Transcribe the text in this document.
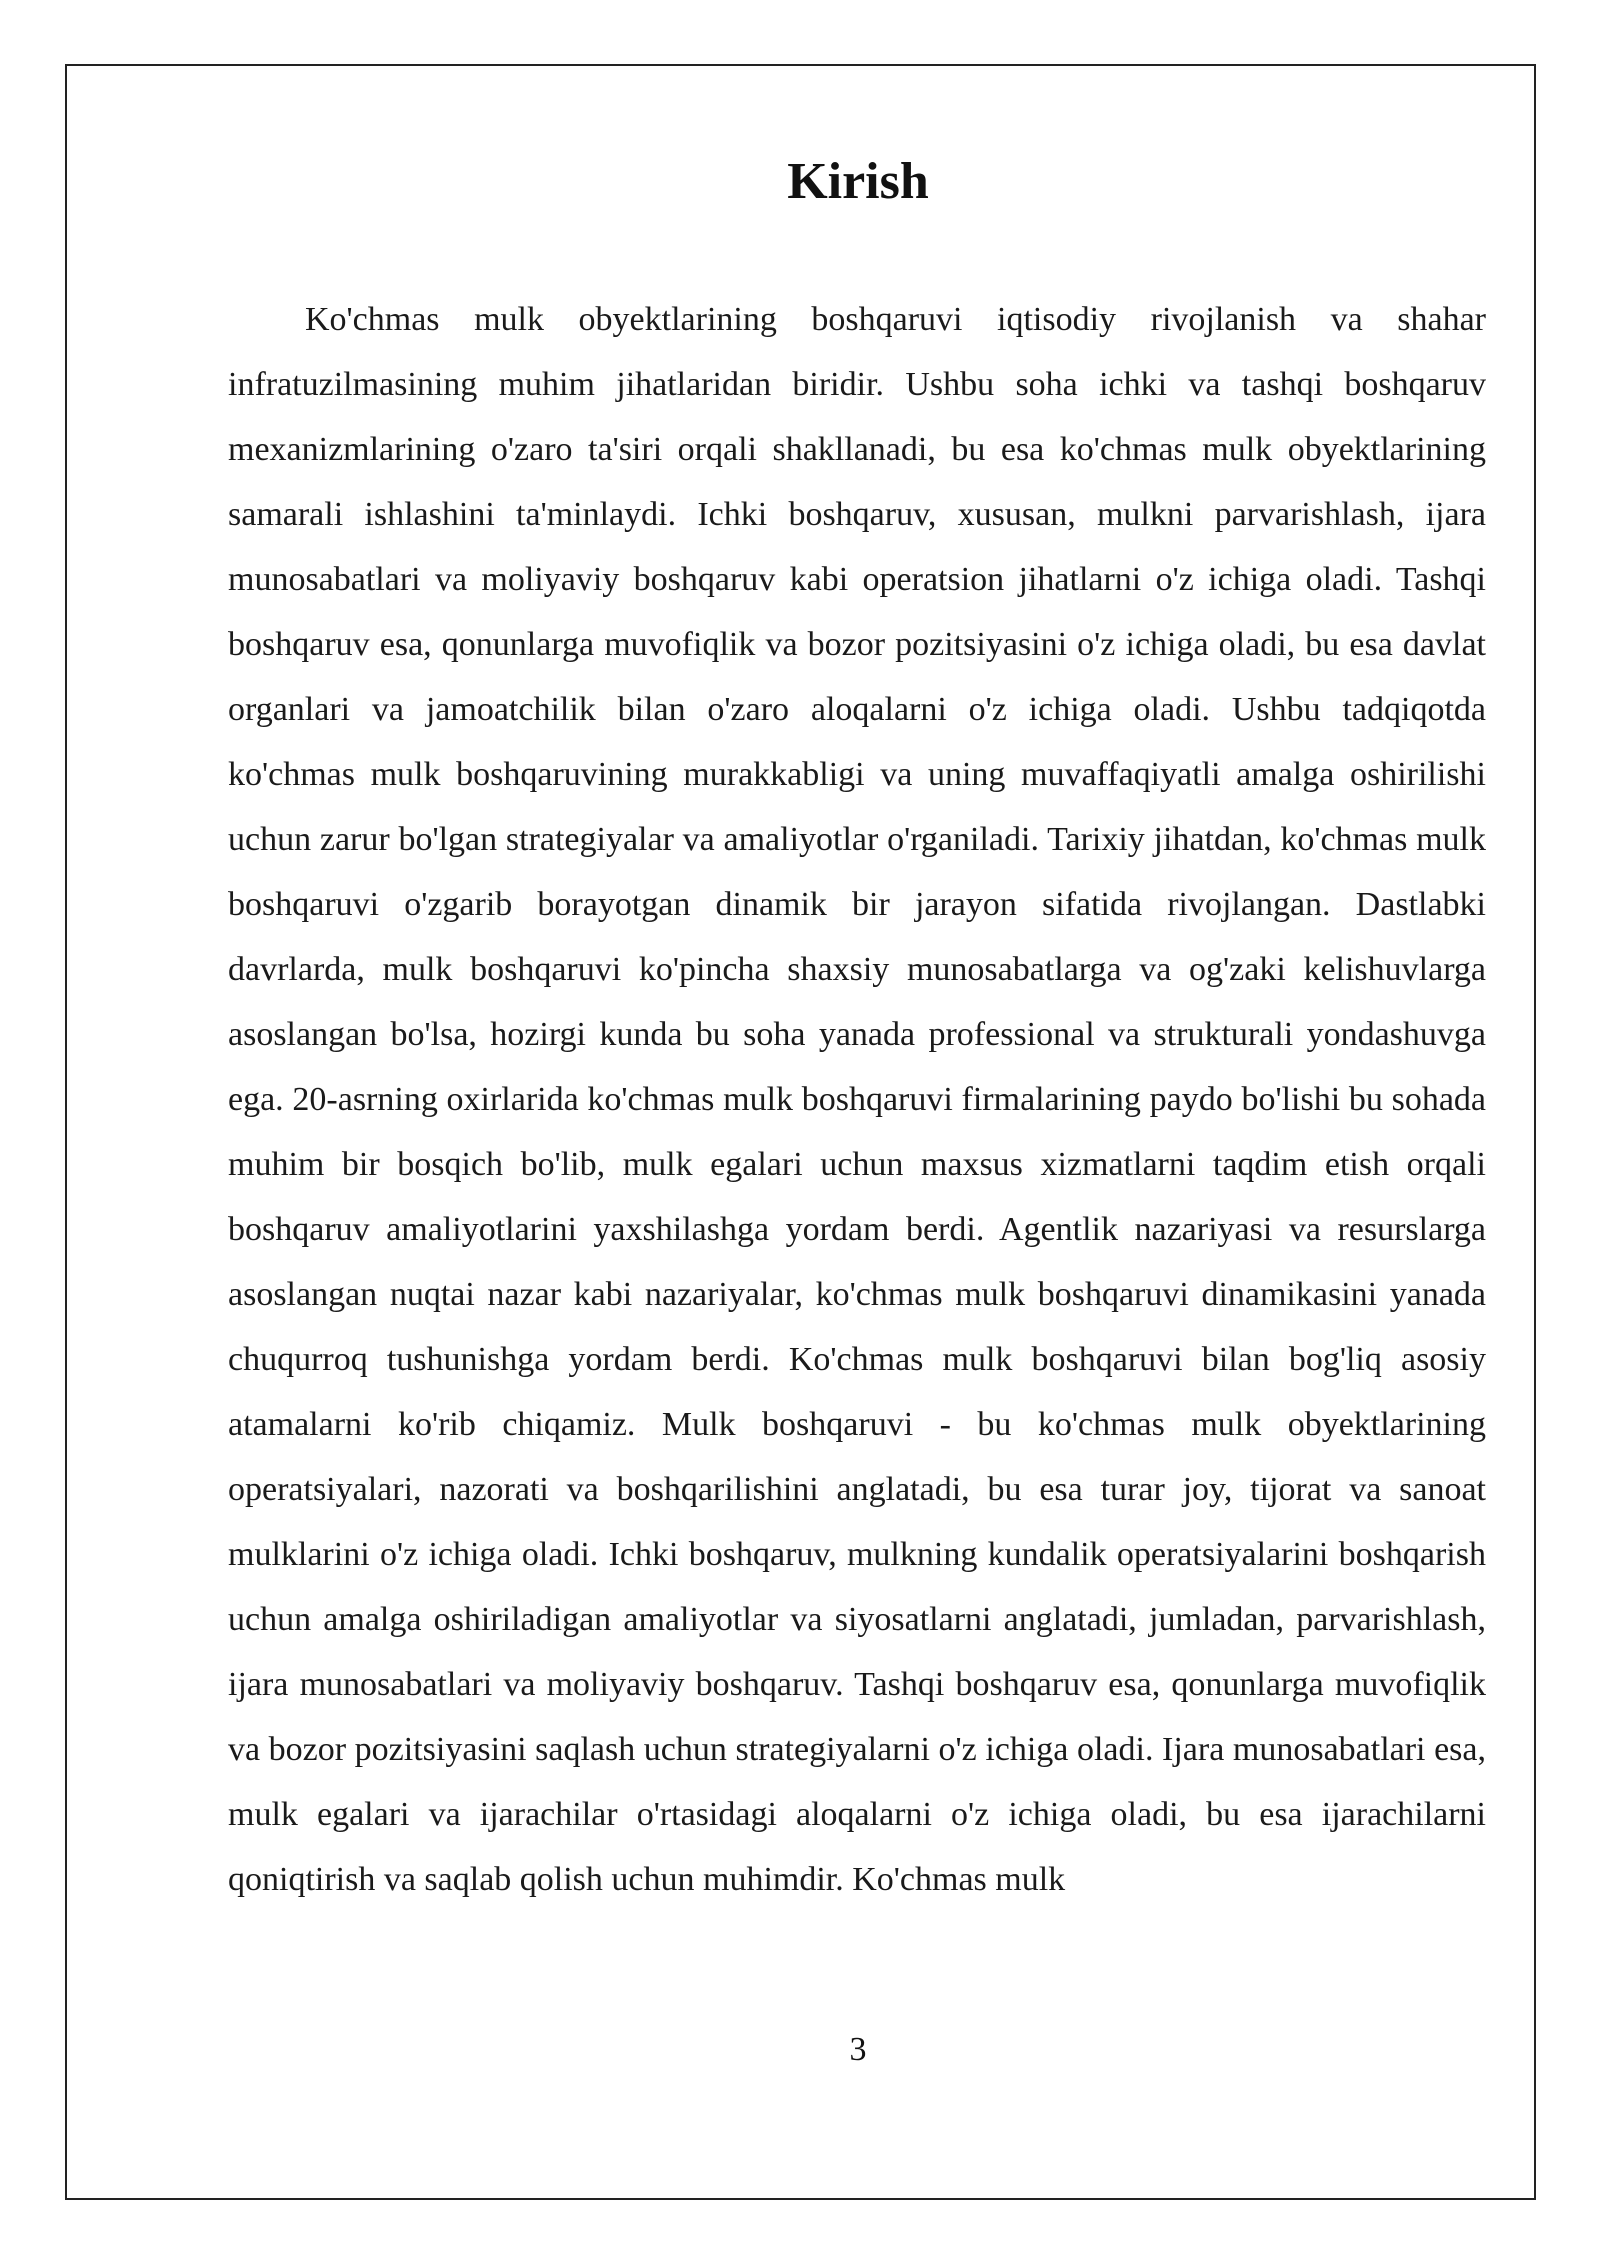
Kirish

Ko'chmas mulk obyektlarining boshqaruvi iqtisodiy rivojlanish va shahar infratuzilmasining muhim jihatlaridan biridir. Ushbu soha ichki va tashqi boshqaruv mexanizmlarining o'zaro ta'siri orqali shakllanadi, bu esa ko'chmas mulk obyektlarining samarali ishlashini ta'minlaydi. Ichki boshqaruv, xususan, mulkni parvarishlash, ijara munosabatlari va moliyaviy boshqaruv kabi operatsion jihatlarni o'z ichiga oladi. Tashqi boshqaruv esa, qonunlarga muvofiqlik va bozor pozitsiyasini o'z ichiga oladi, bu esa davlat organlari va jamoatchilik bilan o'zaro aloqalarni o'z ichiga oladi. Ushbu tadqiqotda ko'chmas mulk boshqaruvining murakkabligi va uning muvaffaqiyatli amalga oshirilishi uchun zarur bo'lgan strategiyalar va amaliyotlar o'rganiladi. Tarixiy jihatdan, ko'chmas mulk boshqaruvi o'zgarib borayotgan dinamik bir jarayon sifatida rivojlangan. Dastlabki davrlarda, mulk boshqaruvi ko'pincha shaxsiy munosabatlarga va og'zaki kelishuvlarga asoslangan bo'lsa, hozirgi kunda bu soha yanada professional va strukturali yondashuvga ega. 20-asrning oxirlarida ko'chmas mulk boshqaruvi firmalarining paydo bo'lishi bu sohada muhim bir bosqich bo'lib, mulk egalari uchun maxsus xizmatlarni taqdim etish orqali boshqaruv amaliyotlarini yaxshilashga yordam berdi. Agentlik nazariyasi va resurslarga asoslangan nuqtai nazar kabi nazariyalar, ko'chmas mulk boshqaruvi dinamikasini yanada chuqurroq tushunishga yordam berdi. Ko'chmas mulk boshqaruvi bilan bog'liq asosiy atamalarni ko'rib chiqamiz. Mulk boshqaruvi - bu ko'chmas mulk obyektlarining operatsiyalari, nazorati va boshqarilishini anglatadi, bu esa turar joy, tijorat va sanoat mulklarini o'z ichiga oladi. Ichki boshqaruv, mulkning kundalik operatsiyalarini boshqarish uchun amalga oshiriladigan amaliyotlar va siyosatlarni anglatadi, jumladan, parvarishlash, ijara munosabatlari va moliyaviy boshqaruv. Tashqi boshqaruv esa, qonunlarga muvofiqlik va bozor pozitsiyasini saqlash uchun strategiyalarni o'z ichiga oladi. Ijara munosabatlari esa, mulk egalari va ijarachilar o'rtasidagi aloqalarni o'z ichiga oladi, bu esa ijarachilarni qoniqtirish va saqlab qolish uchun muhimdir. Ko'chmas mulk

3
